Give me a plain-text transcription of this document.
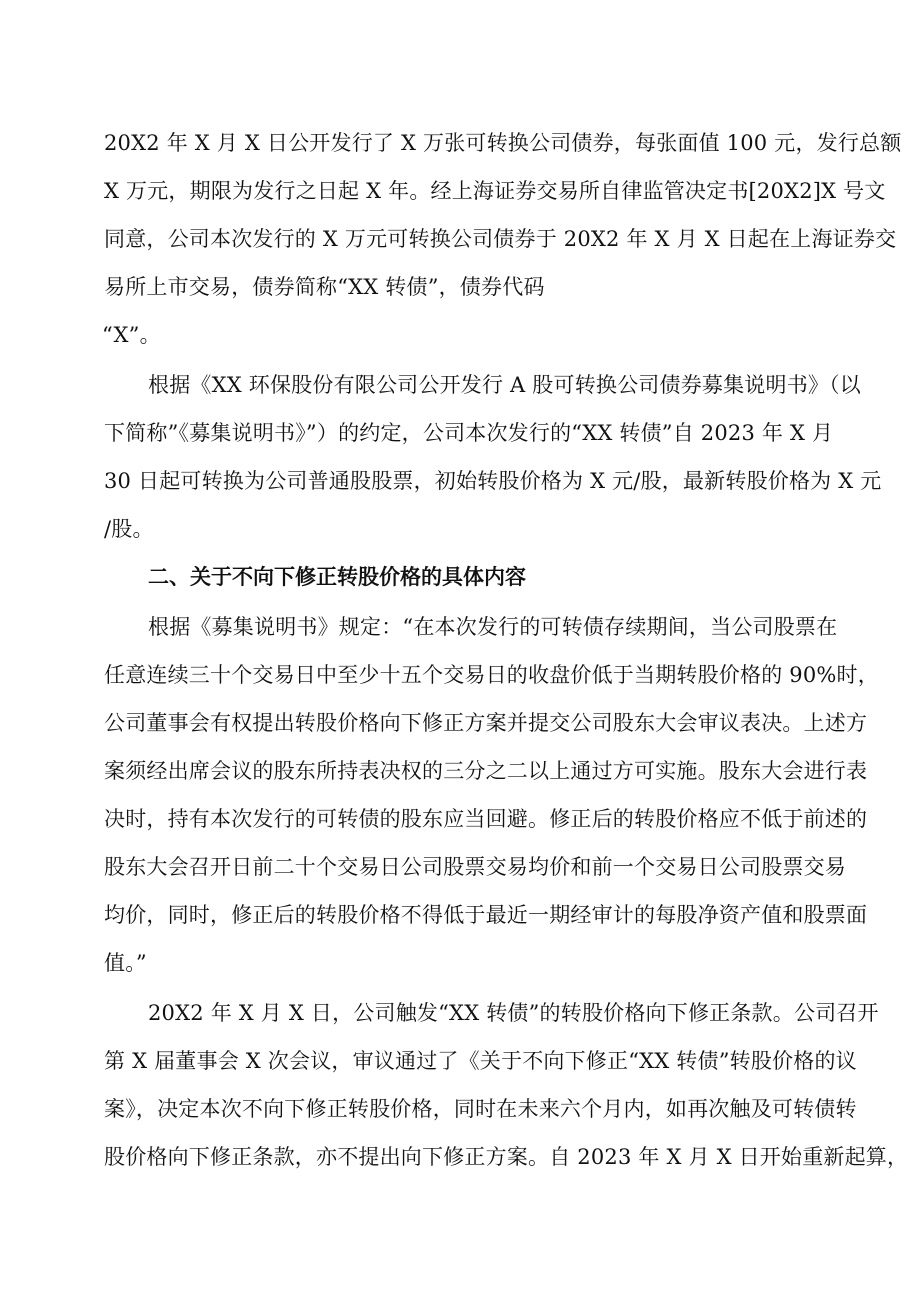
20X2 年 X 月 X 日公开发行了 X 万张可转换公司债券，每张面值 100 元，发行总额
X 万元，期限为发行之日起 X 年。经上海证券交易所自律监管决定书[20X2]X 号文
同意，公司本次发行的 X 万元可转换公司债券于 20X2 年 X 月 X 日起在上海证券交
易所上市交易，债券简称“XX 转债”，债券代码
“X”。
根据《XX 环保股份有限公司公开发行 A 股可转换公司债券募集说明书》（以
下简称”《募集说明书》”）的约定，公司本次发行的“XX 转债”自 2023 年 X 月
30 日起可转换为公司普通股股票，初始转股价格为 X 元/股，最新转股价格为 X 元
/股。
二、关于不向下修正转股价格的具体内容
根据《募集说明书》规定：“在本次发行的可转债存续期间，当公司股票在
任意连续三十个交易日中至少十五个交易日的收盘价低于当期转股价格的 90%时，
公司董事会有权提出转股价格向下修正方案并提交公司股东大会审议表决。上述方
案须经出席会议的股东所持表决权的三分之二以上通过方可实施。股东大会进行表
决时，持有本次发行的可转债的股东应当回避。修正后的转股价格应不低于前述的
股东大会召开日前二十个交易日公司股票交易均价和前一个交易日公司股票交易
均价，同时，修正后的转股价格不得低于最近一期经审计的每股净资产值和股票面
值。”
20X2 年 X 月 X 日，公司触发“XX 转债”的转股价格向下修正条款。公司召开
第 X 届董事会 X 次会议，审议通过了《关于不向下修正“XX 转债”转股价格的议
案》，决定本次不向下修正转股价格，同时在未来六个月内，如再次触及可转债转
股价格向下修正条款，亦不提出向下修正方案。自 2023 年 X 月 X 日开始重新起算，
